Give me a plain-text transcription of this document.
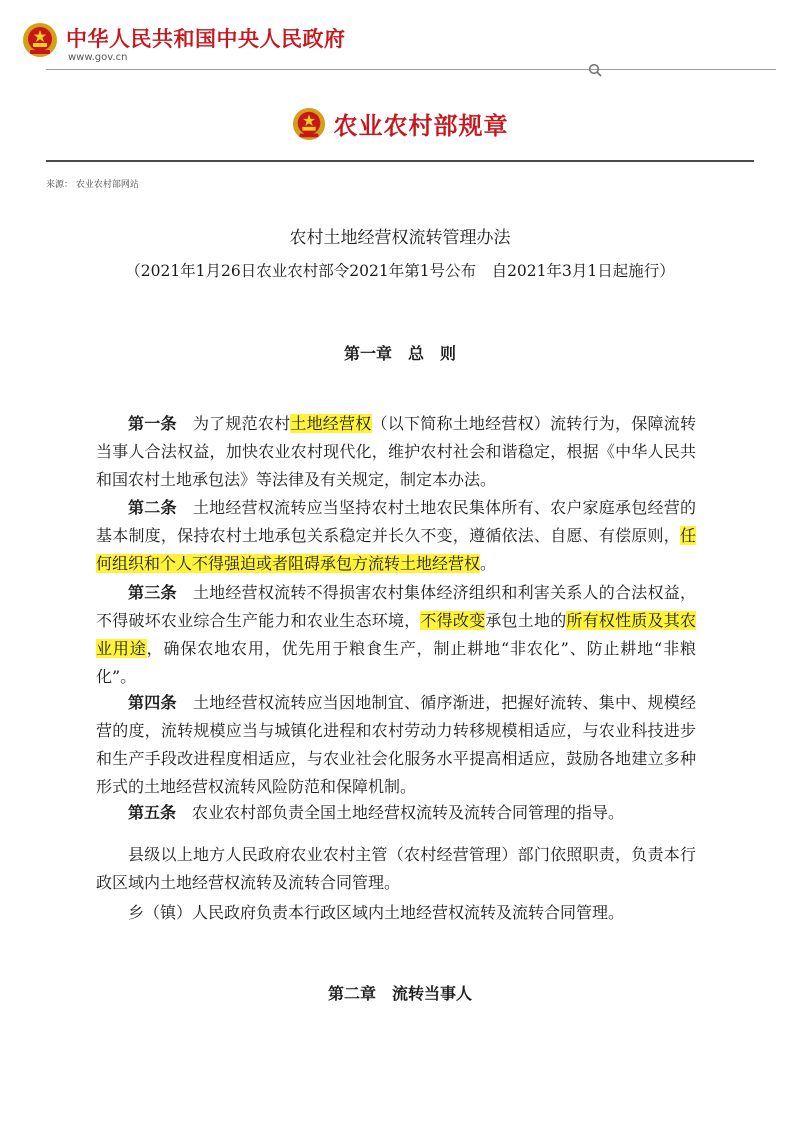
中华人民共和国中央人民政府
www.gov.cn
农业农村部规章
来源： 农业农村部网站
农村土地经营权流转管理办法
（2021年1月26日农业农村部令2021年第1号公布　自2021年3月1日起施行）
第一章　总　则

第一条　 为了规范农村土地经营权（以下简称土地经营权）流转行为，保障流转当事人合法权益，加快农业农村现代化，维护农村社会和谐稳定，根据《中华人民共和国农村土地承包法》等法律及有关规定，制定本办法。

第二条　 土地经营权流转应当坚持农村土地农民集体所有、农户家庭承包经营的基本制度，保持农村土地承包关系稳定并长久不变，遵循依法、自愿、有偿原则，任何组织和个人不得强迫或者阻碍承包方流转土地经营权。

第三条　 土地经营权流转不得损害农村集体经济组织和利害关系人的合法权益，不得破坏农业综合生产能力和农业生态环境，不得改变承包土地的所有权性质及其农业用途，确保农地农用，优先用于粮食生产，制止耕地“非农化”、防止耕地“非粮化”。

第四条　 土地经营权流转应当因地制宜、循序渐进，把握好流转、集中、规模经营的度，流转规模应当与城镇化进程和农村劳动力转移规模相适应，与农业科技进步和生产手段改进程度相适应，与农业社会化服务水平提高相适应，鼓励各地建立多种形式的土地经营权流转风险防范和保障机制。

第五条　 农业农村部负责全国土地经营权流转及流转合同管理的指导。

县级以上地方人民政府农业农村主管（农村经营管理）部门依照职责，负责本行政区域内土地经营权流转及流转合同管理。

乡（镇）人民政府负责本行政区域内土地经营权流转及流转合同管理。

第二章　流转当事人
